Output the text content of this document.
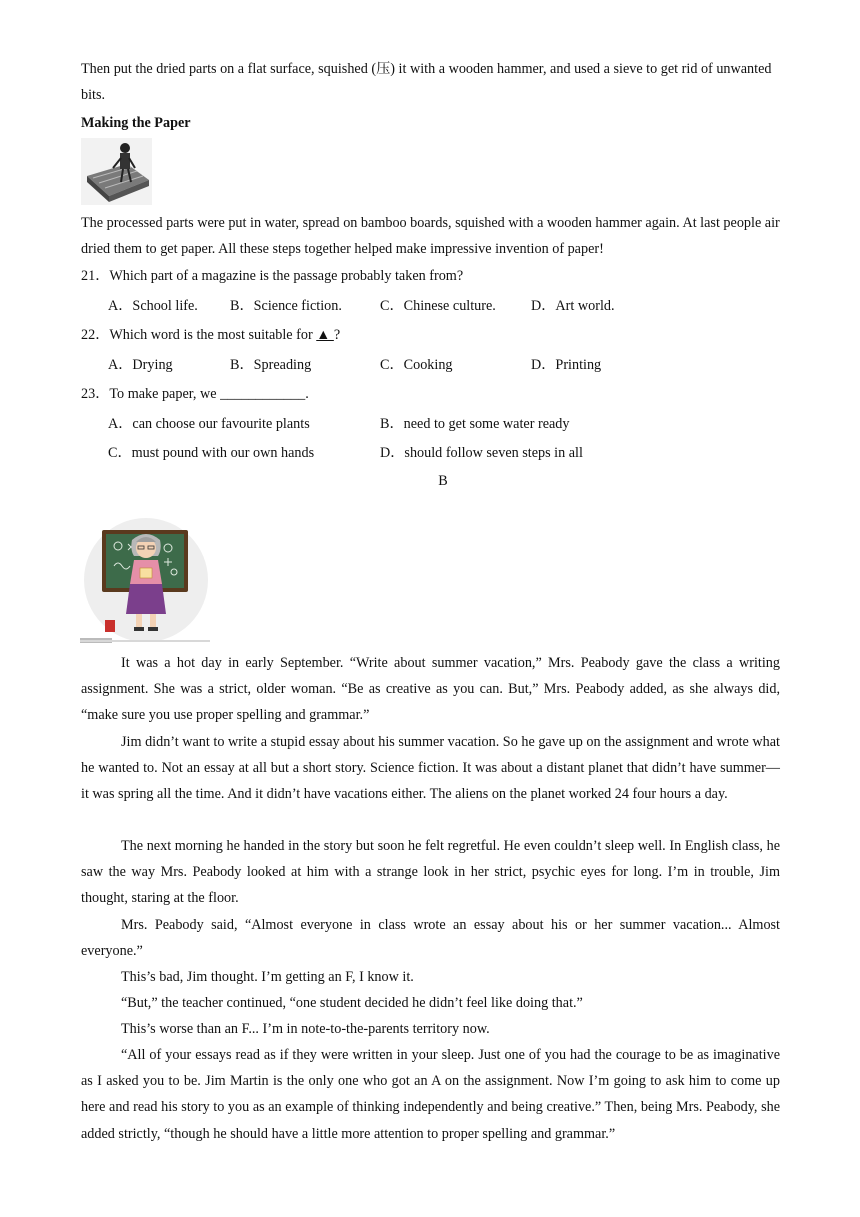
Then put the dried parts on a flat surface, squished (压) it with a wooden hammer, and used a sieve to get rid of unwanted bits.

Making the Paper

The processed parts were put in water, spread on bamboo boards, squished with a wooden hammer again. At last people air dried them to get paper. All these steps together helped make impressive invention of paper!

21．Which part of a magazine is the passage probably taken from?
A．School life. B．Science fiction.	C．Chinese culture. D．Art world.
22．Which word is the most suitable for ▲ ?
A．Drying	B．Spreading	C．Cooking	D．Printing
23．To make paper, we ____________.
A．can choose our favourite plants	B．need to get some water ready
C．must pound with our own hands	D．should follow seven steps in all
B

It was a hot day in early September. “Write about summer vacation,” Mrs. Peabody gave the class a writing assignment. She was a strict, older woman. “Be as creative as you can. But,” Mrs. Peabody added, as she always did, “make sure you use proper spelling and grammar.”

Jim didn’t want to write a stupid essay about his summer vacation. So he gave up on the assignment and wrote what he wanted to. Not an essay at all but a short story. Science fiction. It was about a distant planet that didn’t have summer—it was spring all the time. And it didn’t have vacations either. The aliens on the planet worked 24 four hours a day.

The next morning he handed in the story but soon he felt regretful. He even couldn’t sleep well. In English class, he saw the way Mrs. Peabody looked at him with a strange look in her strict, psychic eyes for long. I’m in trouble, Jim thought, staring at the floor.

Mrs. Peabody said, “Almost everyone in class wrote an essay about his or her summer vacation... Almost everyone.”

This’s bad, Jim thought. I’m getting an F, I know it.

“But,” the teacher continued, “one student decided he didn’t feel like doing that.”

This’s worse than an F... I’m in note-to-the-parents territory now.

“All of your essays read as if they were written in your sleep. Just one of you had the courage to be as imaginative as I asked you to be. Jim Martin is the only one who got an A on the assignment. Now I’m going to ask him to come up here and read his story to you as an example of thinking independently and being creative.” Then, being Mrs. Peabody, she added strictly, “though he should have a little more attention to proper spelling and grammar.”
